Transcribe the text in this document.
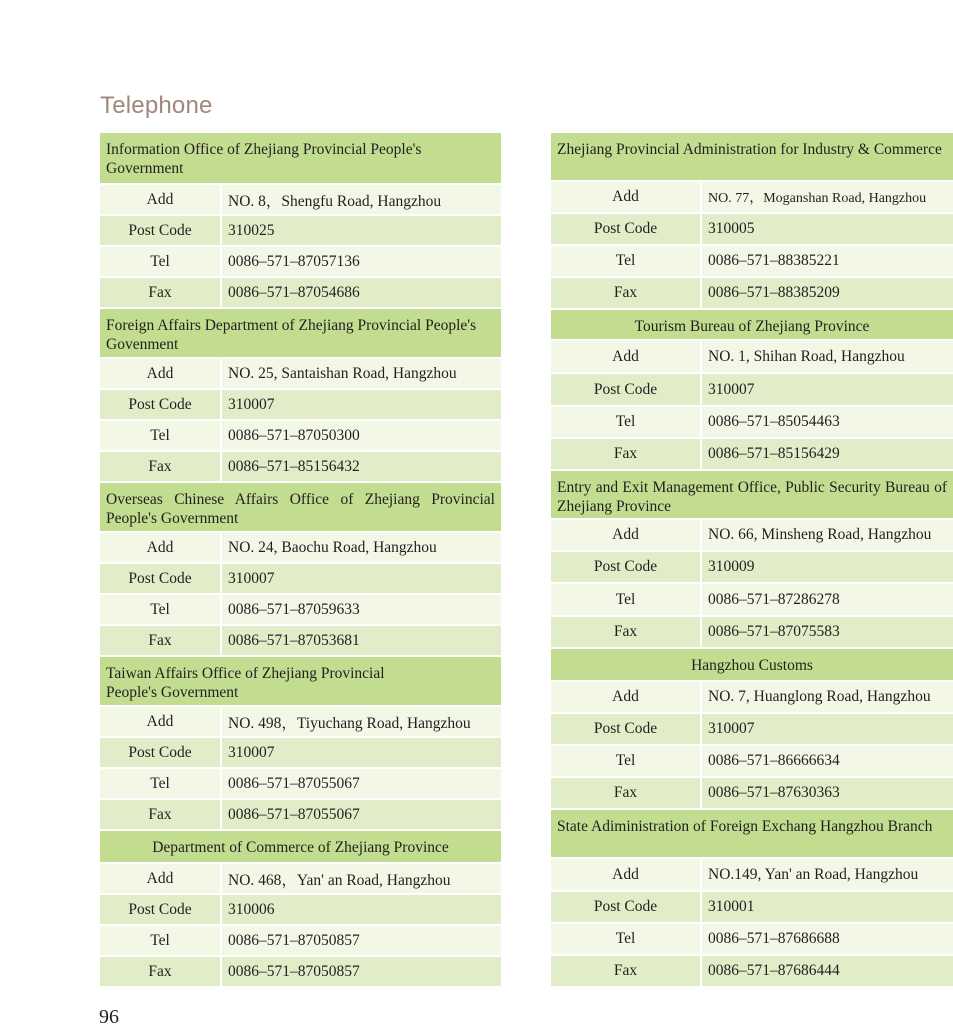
Telephone
Information Office of Zhejiang Provincial People's Government
Add	NO. 8，Shengfu Road, Hangzhou
Post Code	310025
Tel	0086–571–87057136
Fax	0086–571–87054686
Foreign Affairs Department of Zhejiang Provincial People's Govenment
Add	NO. 25, Santaishan Road, Hangzhou
Post Code	310007
Tel	0086–571–87050300
Fax	0086–571–85156432
Overseas Chinese Affairs Office of Zhejiang Provincial People's Government
Add	NO. 24, Baochu Road, Hangzhou
Post Code	310007
Tel	0086–571–87059633
Fax	0086–571–87053681
Taiwan Affairs Office of Zhejiang Provincial People's Government
Add	NO. 498，Tiyuchang Road, Hangzhou
Post Code	310007
Tel	0086–571–87055067
Fax	0086–571–87055067
Department of Commerce of Zhejiang Province
Add	NO. 468，Yan' an Road, Hangzhou
Post Code	310006
Tel	0086–571–87050857
Fax	0086–571–87050857
Zhejiang Provincial Administration for Industry & Commerce
Add	NO. 77，Moganshan Road, Hangzhou
Post Code	310005
Tel	0086–571–88385221
Fax	0086–571–88385209
Tourism Bureau of Zhejiang Province
Add	NO. 1, Shihan Road, Hangzhou
Post Code	310007
Tel	0086–571–85054463
Fax	0086–571–85156429
Entry and Exit Management Office, Public Security Bureau of Zhejiang Province
Add	NO. 66, Minsheng Road, Hangzhou
Post Code	310009
Tel	0086–571–87286278
Fax	0086–571–87075583
Hangzhou Customs
Add	NO. 7, Huanglong Road, Hangzhou
Post Code	310007
Tel	0086–571–86666634
Fax	0086–571–87630363
State Adiministration of Foreign Exchang Hangzhou Branch
Add	NO.149, Yan' an Road, Hangzhou
Post Code	310001
Tel	0086–571–87686688
Fax	0086–571–87686444
96
